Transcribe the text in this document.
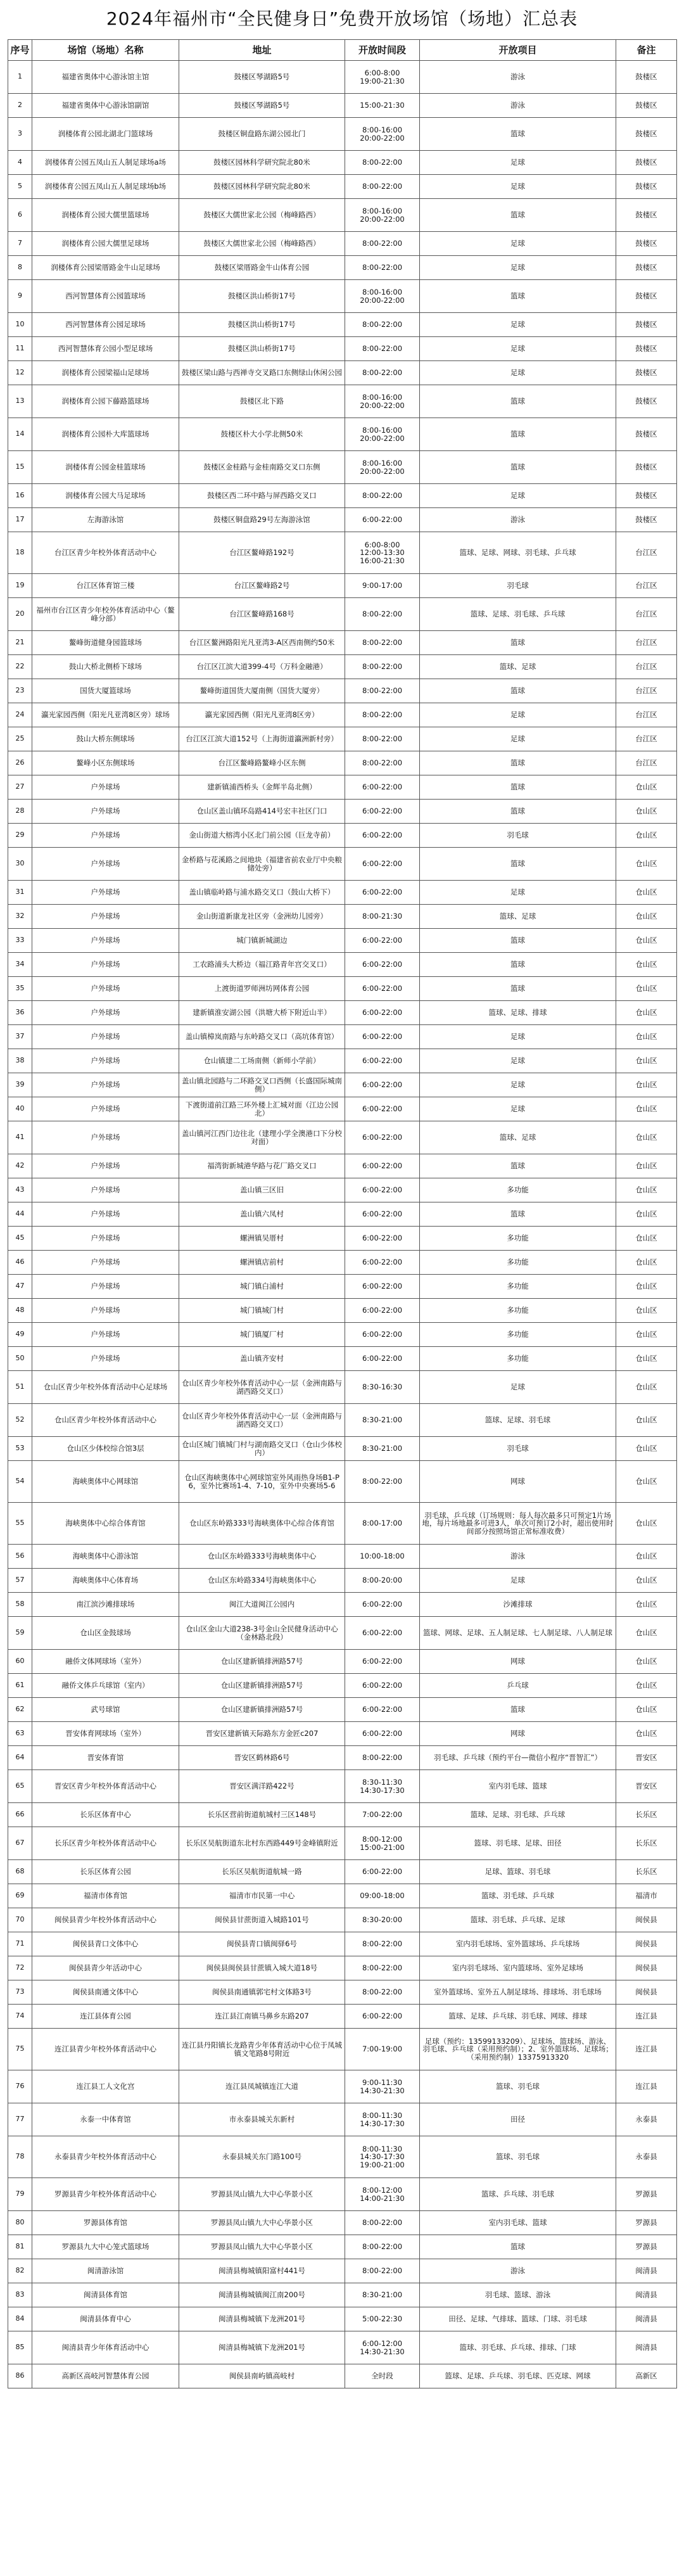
2024年福州市“全民健身日”免费开放场馆（场地）汇总表
序号	场馆（场地）名称	地址	开放时间段	开放项目	备注
1	福建省奥体中心游泳馆主馆	鼓楼区琴湖路5号	6:00-8:00
19:00-21:30	游泳	鼓楼区
2	福建省奥体中心游泳馆副馆	鼓楼区琴湖路5号	15:00-21:30	游泳	鼓楼区
3	润楼体育公园北湖北门篮球场	鼓楼区铜盘路东湖公园北门	8:00-16:00
20:00-22:00	篮球	鼓楼区
4	润楼体育公园五凤山五人制足球场a场	鼓楼区园林科学研究院北80米	8:00-22:00	足球	鼓楼区
5	润楼体育公园五凤山五人制足球场b场	鼓楼区园林科学研究院北80米	8:00-22:00	足球	鼓楼区
6	润楼体育公园大儒里篮球场	鼓楼区大儒世家北公园（梅峰路西）	8:00-16:00
20:00-22:00	篮球	鼓楼区
7	润楼体育公园大儒里足球场	鼓楼区大儒世家北公园（梅峰路西）	8:00-22:00	足球	鼓楼区
8	润楼体育公园梁厝路金牛山足球场	鼓楼区梁厝路金牛山体育公园	8:00-22:00	足球	鼓楼区
9	西河智慧体育公园篮球场	鼓楼区洪山桥街17号	8:00-16:00
20:00-22:00	篮球	鼓楼区
10	西河智慧体育公园足球场	鼓楼区洪山桥街17号	8:00-22:00	足球	鼓楼区
11	西河智慧体育公园小型足球场	鼓楼区洪山桥街17号	8:00-22:00	足球	鼓楼区
12	润楼体育公园梁福山足球场	鼓楼区梁山路与西禅寺交叉路口东侧绿山休闲公园	8:00-22:00	足球	鼓楼区
13	润楼体育公园下藤路篮球场	鼓楼区北下路	8:00-16:00
20:00-22:00	篮球	鼓楼区
14	润楼体育公园朴大库篮球场	鼓楼区朴大小学北侧50米	8:00-16:00
20:00-22:00	篮球	鼓楼区
15	润楼体育公园金桂篮球场	鼓楼区金桂路与金桂南路交叉口东侧	8:00-16:00
20:00-22:00	篮球	鼓楼区
16	润楼体育公园大马足球场	鼓楼区西二环中路与屏西路交叉口	8:00-22:00	足球	鼓楼区
17	左海游泳馆	鼓楼区铜盘路29号左海游泳馆	6:00-22:00	游泳	鼓楼区
18	台江区青少年校外体育活动中心	台江区鳌峰路192号	6:00-8:00
12:00-13:30
16:00-21:30	篮球、足球、网球、羽毛球、乒乓球	台江区
19	台江区体育馆三楼	台江区鳌峰路2号	9:00-17:00	羽毛球	台江区
20	福州市台江区青少年校外体育活动中心（鳌峰分部）	台江区鳌峰路168号	8:00-22:00	篮球、足球、羽毛球、乒乓球	台江区
21	鳌峰街道健身园篮球场	台江区鳌洲路阳光凡亚湾3-A区西南侧约50米	8:00-22:00	篮球	台江区
22	鼓山大桥北侧桥下球场	台江区江滨大道399-4号（万科金融港）	8:00-22:00	篮球、足球	台江区
23	国货大厦篮球场	鳌峰街道国货大厦南侧（国货大厦旁）	8:00-22:00	篮球	台江区
24	瀛光家园西侧（阳光凡亚湾8区旁）球场	瀛光家园西侧（阳光凡亚湾8区旁）	8:00-22:00	足球	台江区
25	鼓山大桥东侧球场	台江区江滨大道152号（上海街道瀛洲新村旁）	8:00-22:00	足球	台江区
26	鳌峰小区东侧球场	台江区鳌峰路鳌峰小区东侧	8:00-22:00	篮球	台江区
27	户外球场	建新镇浦西桥头（金辉半岛北侧）	6:00-22:00	篮球	仓山区
28	户外球场	仓山区盖山镇环岛路414号宏丰社区门口	6:00-22:00	篮球	仓山区
29	户外球场	金山街道大榕湾小区北门前公园（巨龙寺前）	6:00-22:00	羽毛球	仓山区
30	户外球场	金桥路与花溪路之间地块（福建省前农业厅中央粮储处旁）	6:00-22:00	篮球	仓山区
31	户外球场	盖山镇临岭路与浦水路交叉口（鼓山大桥下）	6:00-22:00	足球	仓山区
32	户外球场	金山街道新康龙社区旁（金洲幼儿园旁）	8:00-21:30	篮球、足球	仓山区
33	户外球场	城门镇新城湖边	6:00-22:00	篮球	仓山区
34	户外球场	工农路浦头大桥边（福江路青年宫交叉口）	6:00-22:00	篮球	仓山区
35	户外球场	上渡街道罗师洲坊网体育公园	6:00-22:00	篮球	仓山区
36	户外球场	建新镇淮安湖公园（洪塘大桥下附近山半）	6:00-22:00	篮球、足球、排球	仓山区
37	户外球场	盖山镇樟岚南路与东岭路交叉口（高坑体育馆）	6:00-22:00	足球	仓山区
38	户外球场	仓山镇建二工场南侧（新师小学前）	6:00-22:00	足球	仓山区
39	户外球场	盖山镇北园路与二环路交叉口西侧（长盛国际城南侧）	6:00-22:00	足球	仓山区
40	户外球场	下渡街道前江路三环外楼上汇城对面（江边公园北）	6:00-22:00	足球	仓山区
41	户外球场	盖山镇河江西门边往北（建理小学全澳港口下分校对面）	6:00-22:00	篮球、足球	仓山区
42	户外球场	福湾街新城港华路与花厂路交叉口	6:00-22:00	篮球	仓山区
43	户外球场	盖山镇三区旧	6:00-22:00	多功能	仓山区
44	户外球场	盖山镇六凤村	6:00-22:00	篮球	仓山区
45	户外球场	螺洲镇吴厝村	6:00-22:00	多功能	仓山区
46	户外球场	螺洲镇店前村	6:00-22:00	多功能	仓山区
47	户外球场	城门镇白浦村	6:00-22:00	多功能	仓山区
48	户外球场	城门镇城门村	6:00-22:00	多功能	仓山区
49	户外球场	城门镇厦厂村	6:00-22:00	多功能	仓山区
50	户外球场	盖山镇齐安村	6:00-22:00	多功能	仓山区
51	仓山区青少年校外体育活动中心足球场	仓山区青少年校外体育活动中心一层（金洲南路与湖西路交叉口）	8:30-16:30	足球	仓山区
52	仓山区青少年校外体育活动中心	仓山区青少年校外体育活动中心一层（金洲南路与湖西路交叉口）	8:30-21:00	篮球、足球、羽毛球	仓山区
53	仓山区少体校综合馆3层	仓山区城门镇城门村与湖南路交叉口（仓山少体校内）	8:30-21:00	羽毛球	仓山区
54	海峡奥体中心网球馆	仓山区海峡奥体中心网球馆室外风雨热身场B1-P6，室外比赛场1-4、7-10，室外中央赛场5-6	8:00-22:00	网球	仓山区
55	海峡奥体中心综合体育馆	仓山区东岭路333号海峡奥体中心综合体育馆	8:00-17:00	羽毛球、乒乓球（订场规则：每人每次最多只可预定1片场地，每片场地最多可进3人，单次可预订2小时，超出使用时间部分按照场馆正常标准收费）	仓山区
56	海峡奥体中心游泳馆	仓山区东岭路333号海峡奥体中心	10:00-18:00	游泳	仓山区
57	海峡奥体中心体育场	仓山区东岭路334号海峡奥体中心	8:00-20:00	足球	仓山区
58	南江滨沙滩排球场	闽江大道闽江公园内	6:00-22:00	沙滩排球	仓山区
59	仓山区金鼓球场	仓山区金山大道238-3号金山全民健身活动中心（金林路北段）	6:00-22:00	篮球、网球、足球、五人制足球、七人制足球、八人制足球	仓山区
60	融侨文体网球场（室外）	仓山区建新镇排洲路57号	6:00-22:00	网球	仓山区
61	融侨文体乒乓球馆（室内）	仓山区建新镇排洲路57号	6:00-22:00	乒乓球	仓山区
62	武号球馆	仓山区建新镇排洲路57号	6:00-22:00	篮球	仓山区
63	晋安体育网球场（室外）	晋安区建新镇天际路东方金匠c207	6:00-22:00	网球	仓山区
64	晋安体育馆	晋安区鹤林路6号	8:00-22:00	羽毛球、乒乓球（预约平台—微信小程序“晋智汇”）	晋安区
65	晋安区青少年校外体育活动中心	晋安区满洋路422号	8:30-11:30
14:30-17:30	室内羽毛球、篮球	晋安区
66	长乐区体育中心	长乐区营前街道航城村三区148号	7:00-22:00	篮球、足球、羽毛球、乒乓球	长乐区
67	长乐区青少年校外体育活动中心	长乐区吴航街道东北村东西路449号金峰镇附近	8:00-12:00
15:00-21:00	篮球、羽毛球、足球、田径	长乐区
68	长乐区体育公园	长乐区吴航街道航城一路	6:00-22:00	足球、篮球、羽毛球	长乐区
69	福清市体育馆	福清市市民第一中心	09:00-18:00	篮球、羽毛球、乒乓球	福清市
70	闽侯县青少年校外体育活动中心	闽侯县甘蔗街道入城路101号	8:30-20:00	篮球、羽毛球、乒乓球、足球	闽侯县
71	闽侯县青口文体中心	闽侯县青口镇闽驿6号	8:00-22:00	室内羽毛球场、室外篮球场、乒乓球场	闽侯县
72	闽侯县青少年活动中心	闽侯县闽侯县甘蔗镇入城大道18号	8:00-22:00	室内羽毛球场、室内篮球场、室外足球场	闽侯县
73	闽侯县南通文体中心	闽侯县南通镇郭宅村文体路3号	8:00-22:00	室外篮球场、室外五人制足球场、排球场、羽毛球场	闽侯县
74	连江县体育公园	连江县江南镇马鼻乡东路207	6:00-22:00	篮球、足球、乒乓球、羽毛球、网球、排球	连江县
75	连江县青少年校外体育活动中心	连江县丹阳镇长龙路青少年体育活动中心位于凤城镇文笔路8号附近	7:00-19:00	足球（预约：13599133209）、足球场、篮球场、游泳、羽毛球、乒乓球（采用预约制）；2、室外篮球场、足球场；（采用预约制）13375913320	连江县
76	连江县工人文化宫	连江县凤城镇连江大道	9:00-11:30
14:30-21:30	篮球、羽毛球	连江县
77	永泰一中体育馆	市永泰县城关东新村	8:00-11:30
14:30-17:30	田径	永泰县
78	永泰县青少年校外体育活动中心	永泰县城关东门路100号	8:00-11:30
14:30-17:30
19:00-21:00	篮球、羽毛球	永泰县
79	罗源县青少年校外体育活动中心	罗源县凤山镇九大中心华景小区	8:00-12:00
14:00-21:30	篮球、乒乓球、羽毛球	罗源县
80	罗源县体育馆	罗源县凤山镇九大中心华景小区	8:00-22:00	室内羽毛球、篮球	罗源县
81	罗源县九大中心笼式篮球场	罗源县凤山镇九大中心华景小区	8:00-22:00	篮球	罗源县
82	闽清游泳馆	闽清县梅城镇阳富村441号	8:00-22:00	游泳	闽清县
83	闽清县体育馆	闽清县梅城镇闽江南200号	8:30-21:00	羽毛球、篮球、游泳	闽清县
84	闽清县体育中心	闽清县梅城镇下龙洲201号	5:00-22:30	田径、足球、气排球、篮球、门球、羽毛球	闽清县
85	闽清县青少年体育活动中心	闽清县梅城镇下龙洲201号	6:00-12:00
14:30-21:30	篮球、羽毛球、乒乓球、排球、门球	闽清县
86	高新区高岐河智慧体育公园	闽侯县南屿镇高岐村	全时段	篮球、足球、乒乓球、羽毛球、匹克球、网球	高新区
